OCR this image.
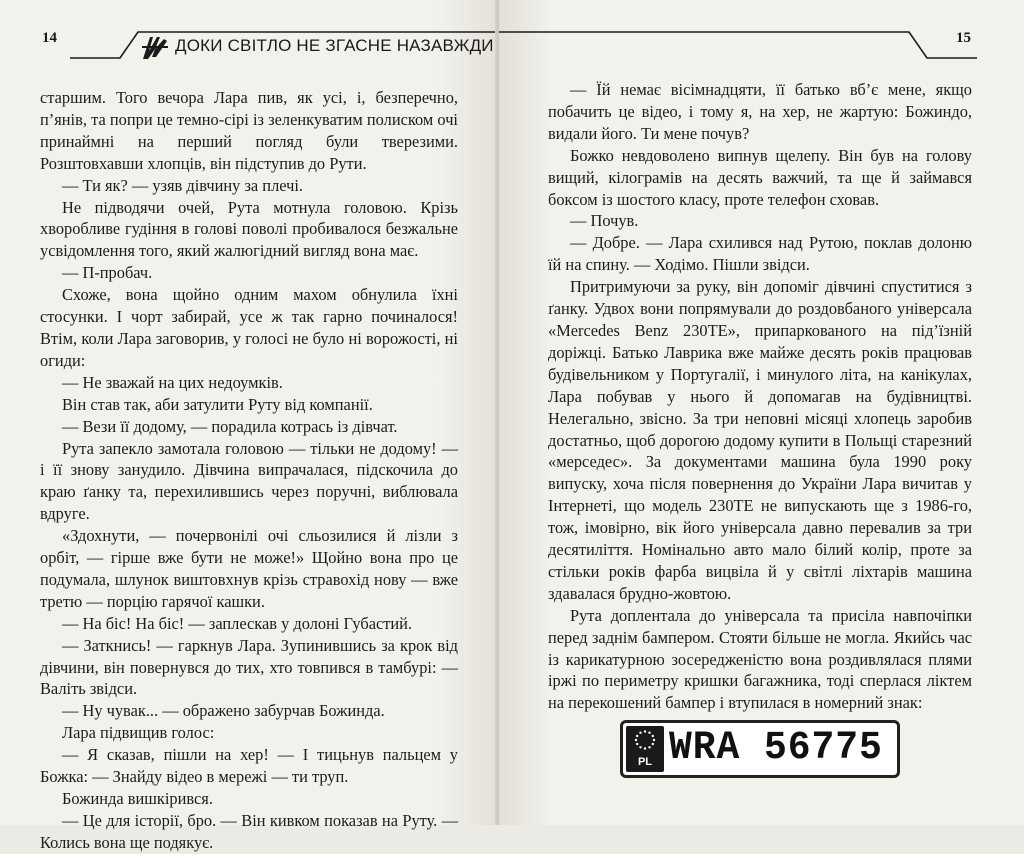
14	ДОКИ СВІТЛО НЕ ЗГАСНЕ НАЗАВЖДИ

старшим. Того вечора Лара пив, як усі, і, безперечно, п’янів, та попри це темно-сірі із зеленкуватим полиском очі принаймні на перший погляд були тверезими. Розштовхавши хлопців, він підступив до Рути.

— Ти як? — узяв дівчину за плечі.

Не підводячи очей, Рута мотнула головою. Крізь хворобливе гудіння в голові повoлі пробивалося безжальне усвідомлення того, який жалюгідний вигляд вона має.

— П-пробач.

Схоже, вона щойно одним махом обнулила їхні стосунки. І чорт забирай, усе ж так гарно починалося! Втім, коли Лара заговорив, у голосі не було ні ворожості, ні огиди:

— Не зважай на цих недоумків.

Він став так, аби затулити Руту від компанії.

— Вези її додому, — порадила котрась із дівчат.

Рута запекло замотала головою — тільки не додому! — і її знову занудило. Дівчина випрачалася, підскочила до краю ґанку та, перехилившись через поручні, виблювала вдруге.

«Здохнути, — почервонілі очі сльозилися й лізли з орбіт, — гірше вже бути не може!» Щойно вона про це подумала, шлунок виштовхнув крізь стравохід нову — вже третю — порцію гарячої кашки.

— На біс! На біс! — заплескав у долоні Губастий.

— Заткнись! — гаркнув Лара. Зупинившись за крок від дівчини, він повернувся до тих, хто товпився в тамбурі: — Валіть звідси.

— Ну чувак... — ображено забурчав Божинда.

Лара підвищив голос:

— Я сказав, пішли на хер! — І тицьнув пальцем у Божка: — Знайду відео в мережі — ти труп.

Божинда вишкірився.

— Це для історії, бро. — Він кивком показав на Руту. — Колись вона ще подякує.

15

— Їй немає вісімнадцяти, її батько вб’є мене, якщо побачить це відео, і тому я, на хер, не жартую: Божиндо, видали його. Ти мене почув?

Божко невдоволено випнув щелепу. Він був на голову вищий, кілограмів на десять важчий, та ще й займався боксом із шостого класу, проте телефон сховав.

— Почув.

— Добре. — Лара схилився над Рутою, поклав долоню їй на спину. — Ходімо. Пішли звідси.

Притримуючи за руку, він допоміг дівчині спуститися з ґанку. Удвох вони попрямували до роздовбаного універсала «Mercedes Benz 230TE», припаркованого на під’їзній доріжці. Батько Лаврика вже майже десять років працював будівельником у Португалії, і минулого літа, на канікулах, Лара побував у нього й допомагав на будівництві. Нелегально, звісно. За три неповні місяці хлопець заробив достатньо, щоб дорогою додому купити в Польщі старезний «мерседес». За документами машина була 1990 року випуску, хоча після повернення до України Лара вичитав у Інтернеті, що модель 230TE не випускають ще з 1986-го, тож, імовірно, вік його універсала давно перевалив за три десятиліття. Номінально авто мало білий колір, проте за стільки років фарба вицвіла й у світлі ліхтарів машина здавалася брудно-жовтою.

Рута доплентала до універсала та присіла навпочіпки перед заднім бампером. Стояти більше не могла. Якийсь час із карикатурною зосередженістю вона роздивлялася плями іржі по периметру кришки багажника, тоді сперлася ліктем на перекошений бампер і втупилася в номерний знак:

PL WRA 56775
